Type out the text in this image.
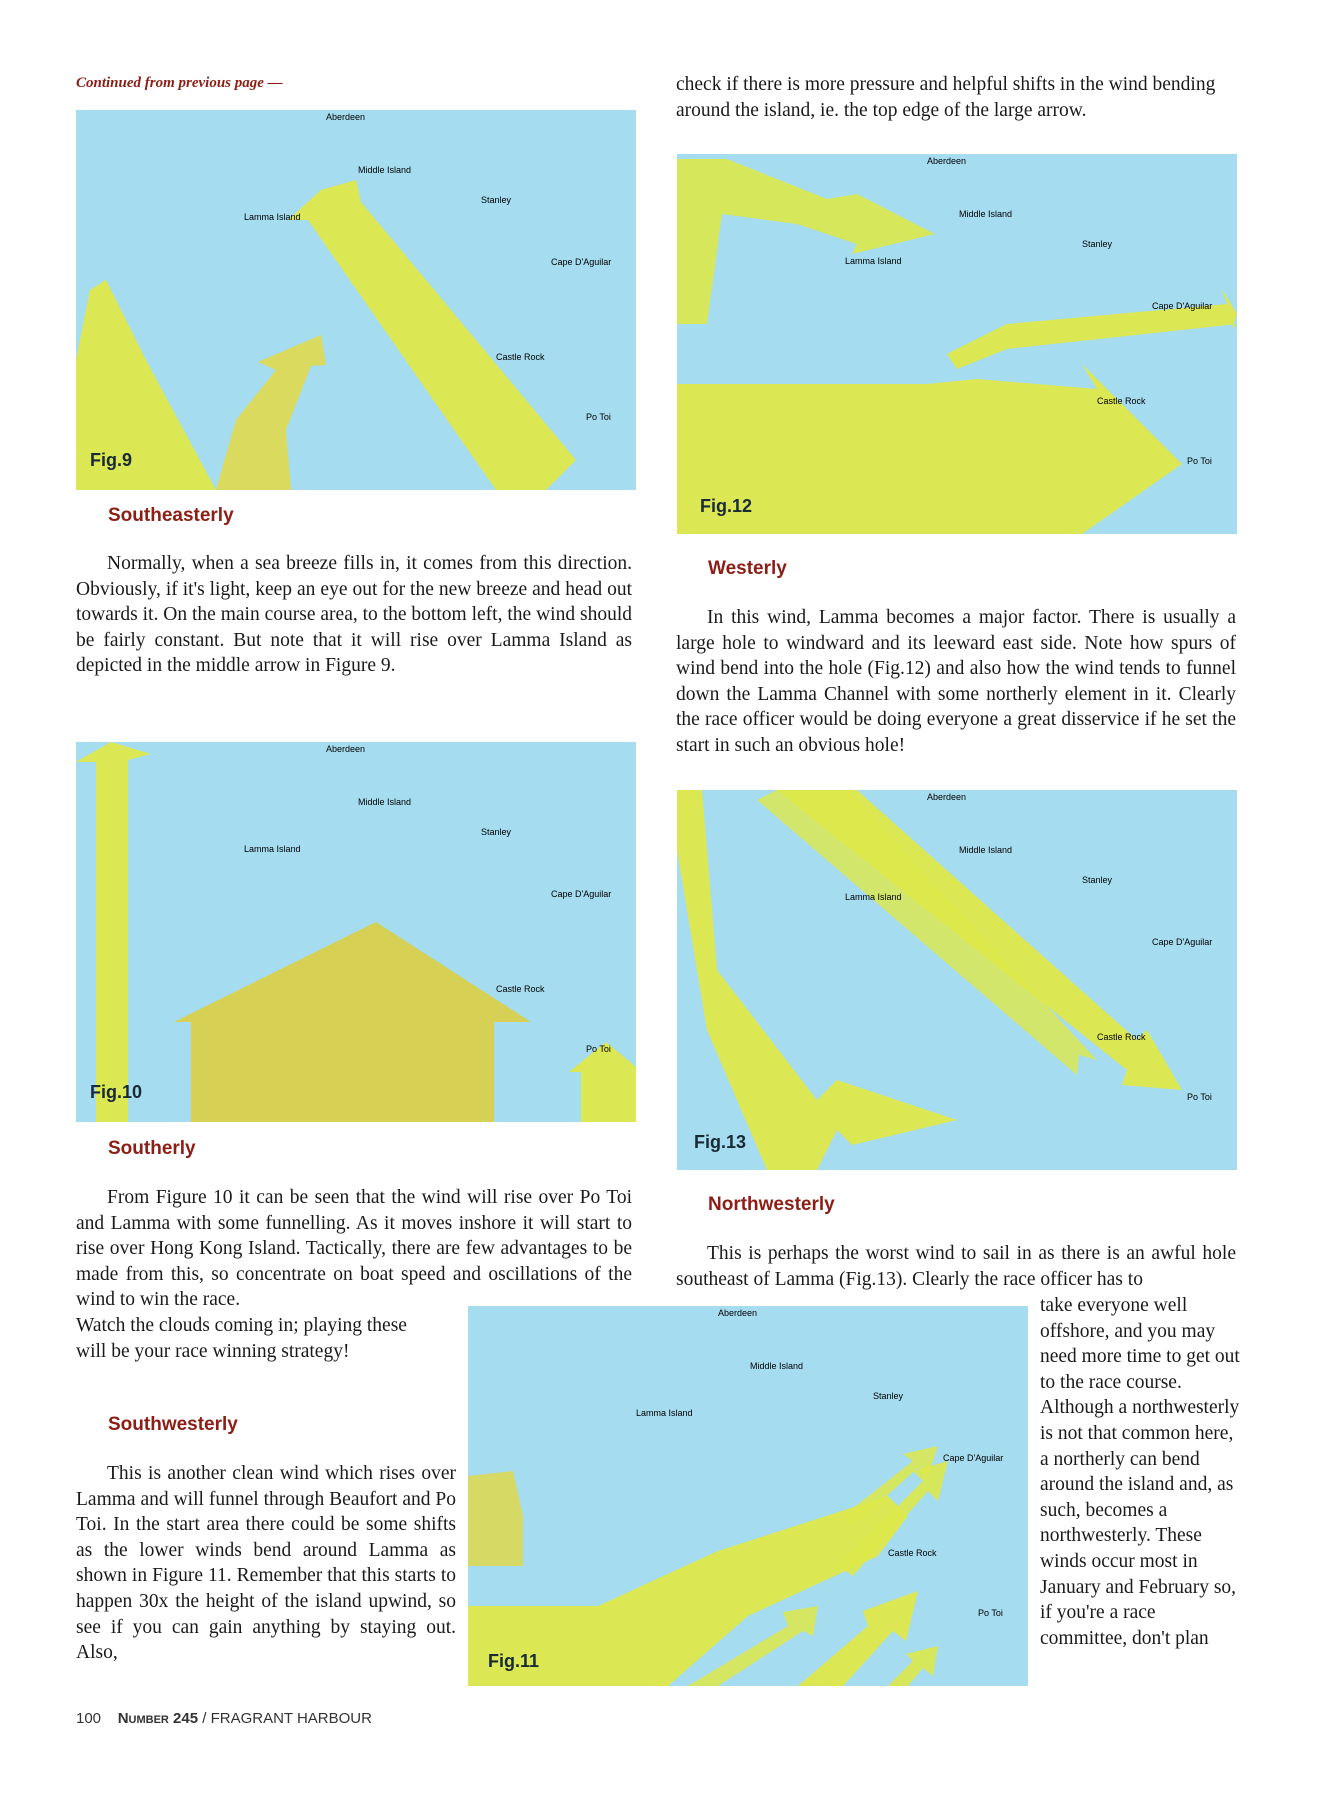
Continued from previous page —
Aberdeen
Middle Island
Lamma Island
Stanley
Cape D'Aguilar
Castle Rock
Po Toi
Fig.9
Southeasterly

Normally, when a sea breeze fills in, it comes from this direction. Obviously, if it's light, keep an eye out for the new breeze and head out towards it. On the main course area, to the bottom left, the wind should be fairly constant. But note that it will rise over Lamma Island as depicted in the middle arrow in Figure 9.

Aberdeen
Middle Island
Lamma Island
Stanley
Cape D'Aguilar
Castle Rock
Po Toi
Fig.10
Southerly

From Figure 10 it can be seen that the wind will rise over Po Toi and Lamma with some funnelling. As it moves inshore it will start to rise over Hong Kong Island. Tactically, there are few advantages to be made from this, so concentrate on boat speed and oscillations of the wind to win the race.

Watch the clouds coming in; playing these will be your race winning strategy!

Southwesterly

This is another clean wind which rises over Lamma and will funnel through Beaufort and Po Toi. In the start area there could be some shifts as the lower winds bend around Lamma as shown in Figure 11. Remember that this starts to happen 30x the height of the island upwind, so see if you can gain anything by staying out. Also,

Aberdeen
Middle Island
Lamma Island
Stanley
Cape D'Aguilar
Castle Rock
Po Toi
Fig.11

check if there is more pressure and helpful shifts in the wind bending around the island, ie. the top edge of the large arrow.

Aberdeen
Middle Island
Lamma Island
Stanley
Cape D'Aguilar
Castle Rock
Po Toi
Fig.12
Westerly

In this wind, Lamma becomes a major factor. There is usually a large hole to windward and its leeward east side. Note how spurs of wind bend into the hole (Fig.12) and also how the wind tends to funnel down the Lamma Channel with some northerly element in it. Clearly the race officer would be doing everyone a great disservice if he set the start in such an obvious hole!

Aberdeen
Middle Island
Lamma Island
Stanley
Cape D'Aguilar
Castle Rock
Po Toi
Fig.13
Northwesterly

This is perhaps the worst wind to sail in as there is an awful hole southeast of Lamma (Fig.13). Clearly the race officer has to

take everyone well offshore, and you may need more time to get out to the race course. Although a northwesterly is not that common here, a northerly can bend around the island and, as such, becomes a northwesterly. These winds occur most in January and February so, if you're a race committee, don't plan

100 Number 245 / FRAGRANT HARBOUR
